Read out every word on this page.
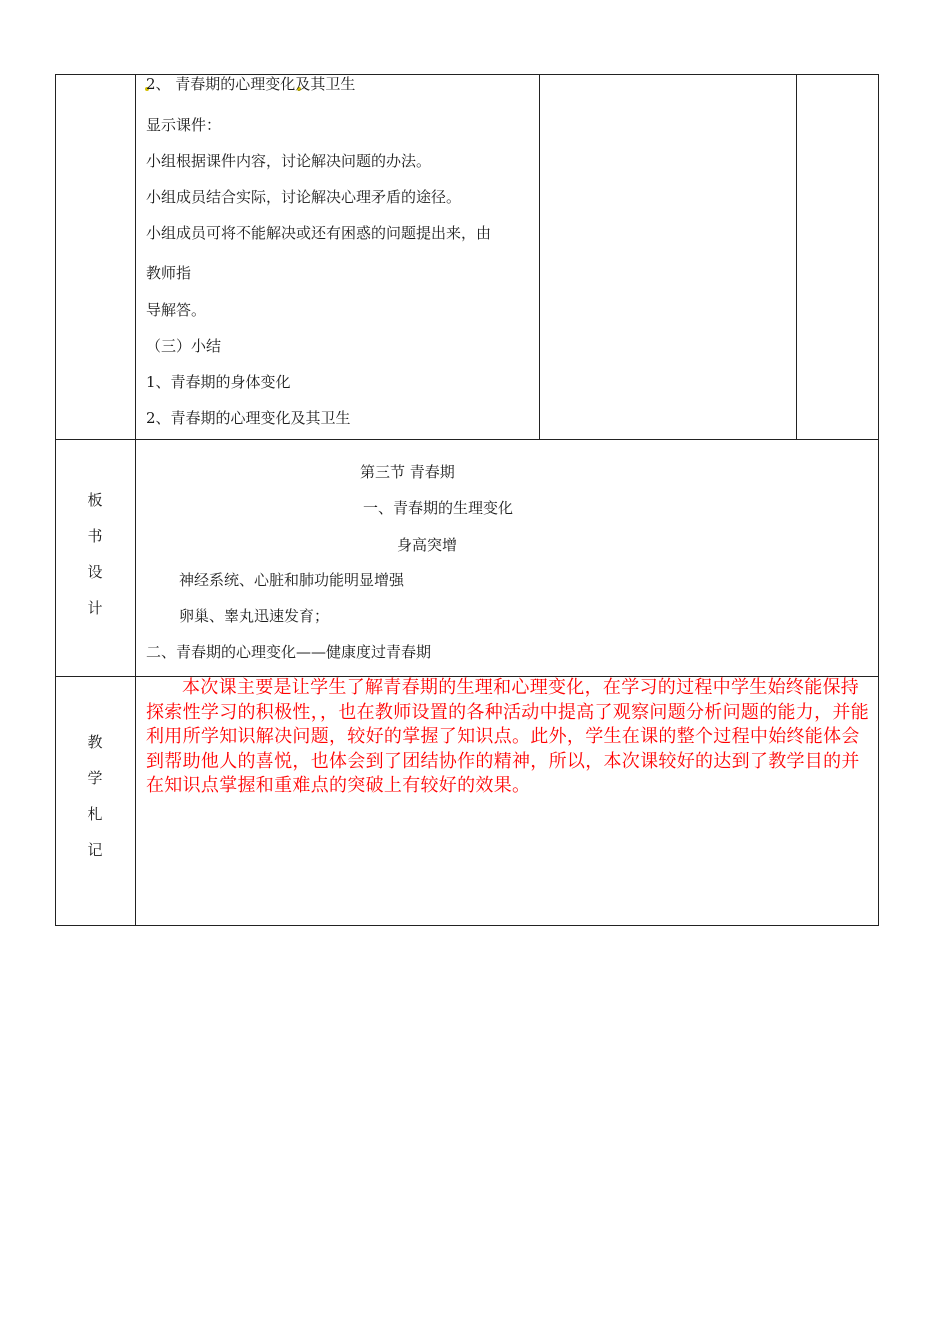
2、 青春期的心理变化及其卫生
显示课件：
小组根据课件内容，讨论解决问题的办法。
小组成员结合实际，讨论解决心理矛盾的途径。
小组成员可将不能解决或还有困惑的问题提出来，由
教师指
导解答。
（三）小结
1、青春期的身体变化
2、青春期的心理变化及其卫生
板
书
设
计
第三节 青春期
一、青春期的生理变化
身高突增
神经系统、心脏和肺功能明显增强
卵巢、睾丸迅速发育；
二、青春期的心理变化——健康度过青春期
教
学
札
记
本次课主要是让学生了解青春期的生理和心理变化，在学习的过程中学生始终能保持探索性学习的积极性，，也在教师设置的各种活动中提高了观察问题分析问题的能力，并能利用所学知识解决问题，较好的掌握了知识点。此外，学生在课的整个过程中始终能体会到帮助他人的喜悦，也体会到了团结协作的精神，所以，本次课较好的达到了教学目的并在知识点掌握和重难点的突破上有较好的效果。
